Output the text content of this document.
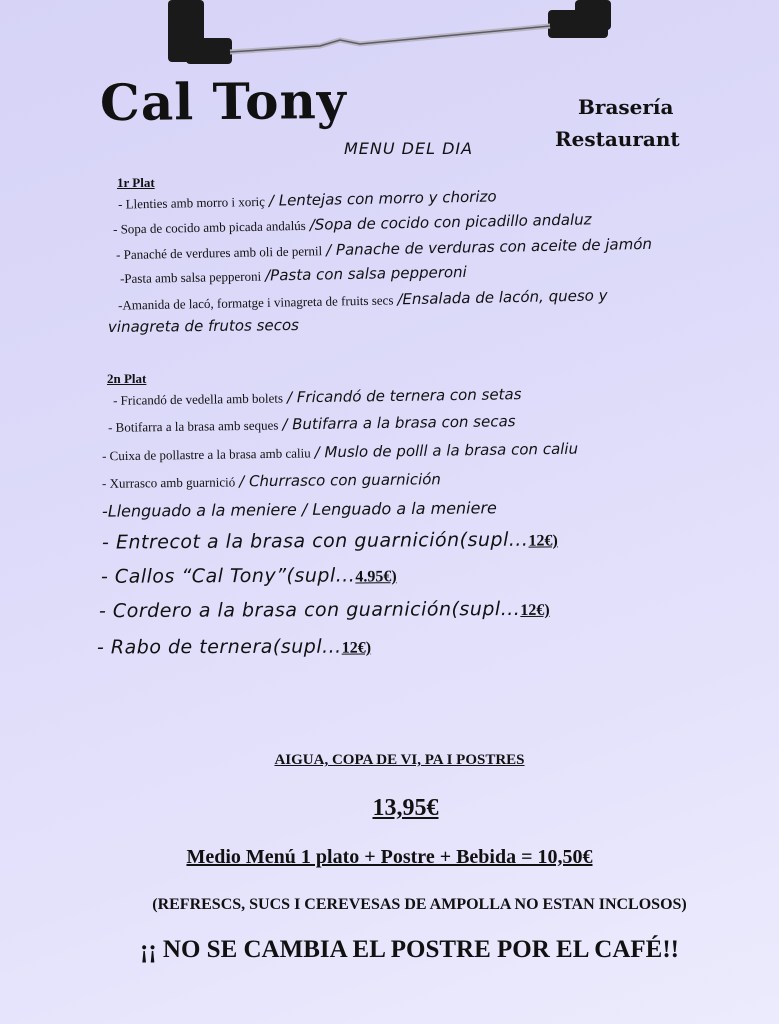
Cal Tony	Brasería
Restaurant
MENU DEL DIA
1r Plat
- Llenties amb morro i xoriç / Lentejas con morro y chorizo
- Sopa de cocido amb picada andalús /Sopa de cocido con picadillo andaluz
- Panaché de verdures amb oli de pernil / Panache de verduras con aceite de jamón
-Pasta amb salsa pepperoni /Pasta con salsa pepperoni
-Amanida de lacó, formatge i vinagreta de fruits secs /Ensalada de lacón, queso y
vinagreta de frutos secos
2n Plat
- Fricandó de vedella amb bolets / Fricandó de ternera con setas
- Botifarra a la brasa amb seques / Butifarra a la brasa con secas
- Cuixa de pollastre a la brasa amb caliu / Muslo de polll a la brasa con caliu
- Xurrasco amb guarnició / Churrasco con guarnición
-Llenguado a la meniere / Lenguado a la meniere
- Entrecot a la brasa con guarnición(supl...12€)
- Callos “Cal Tony”(supl...4.95€)
- Cordero a la brasa con guarnición(supl...12€)
- Rabo de ternera(supl...12€)
AIGUA, COPA DE VI, PA I POSTRES
13,95€
Medio Menú 1 plato + Postre + Bebida = 10,50€
(REFRESCS, SUCS I CEREVESAS DE AMPOLLA NO ESTAN INCLOSOS)
¡¡ NO SE CAMBIA EL POSTRE POR EL CAFÉ!!
